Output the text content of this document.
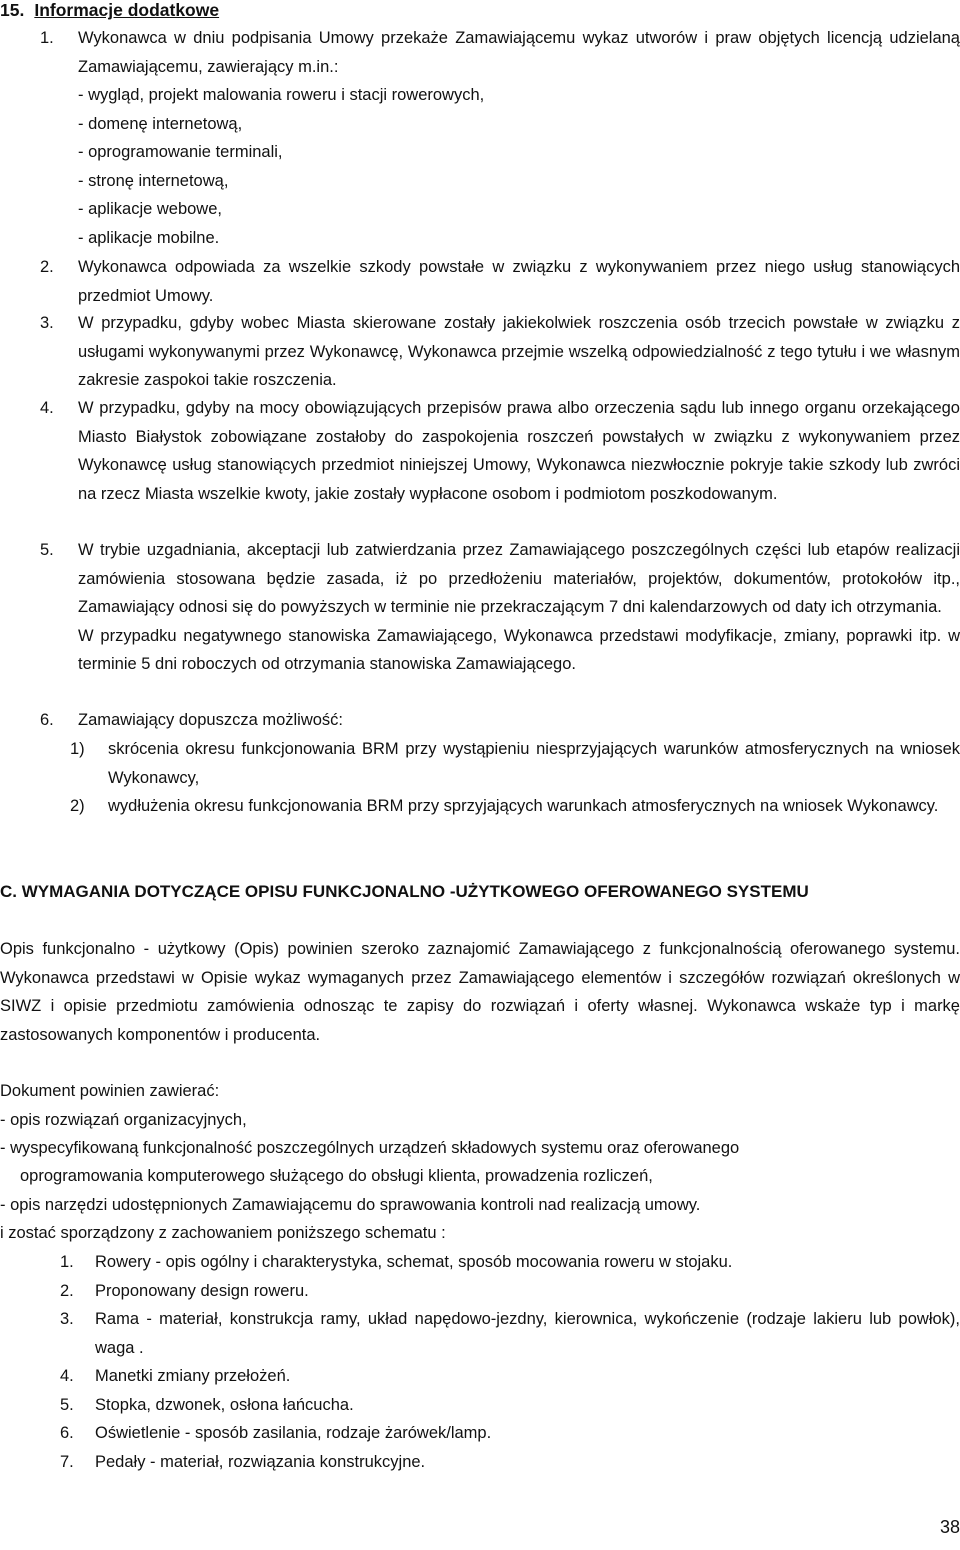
15. Informacje dodatkowe
1. Wykonawca w dniu podpisania Umowy przekaże Zamawiającemu wykaz utworów i praw objętych licencją udzielaną Zamawiającemu, zawierający m.in.:

- wygląd, projekt malowania roweru i stacji rowerowych,
- domenę internetową,
- oprogramowanie terminali,
- stronę internetową,
- aplikacje webowe,
- aplikacje mobilne.
2. Wykonawca odpowiada za wszelkie szkody powstałe w związku z wykonywaniem przez niego usług stanowiących przedmiot Umowy.

3. W przypadku, gdyby wobec Miasta skierowane zostały jakiekolwiek roszczenia osób trzecich powstałe w związku z usługami wykonywanymi przez Wykonawcę, Wykonawca przejmie wszelką odpowiedzialność z tego tytułu i we własnym zakresie zaspokoi takie roszczenia.

4. W przypadku, gdyby na mocy obowiązujących przepisów prawa albo orzeczenia sądu lub innego organu orzekającego Miasto Białystok zobowiązane zostałoby do zaspokojenia roszczeń powstałych w związku z wykonywaniem przez Wykonawcę usług stanowiących przedmiot niniejszej Umowy, Wykonawca niezwłocznie pokryje takie szkody lub zwróci na rzecz Miasta wszelkie kwoty, jakie zostały wypłacone osobom i podmiotom poszkodowanym.

5. W trybie uzgadniania, akceptacji lub zatwierdzania przez Zamawiającego poszczególnych części lub etapów realizacji zamówienia stosowana będzie zasada, iż po przedłożeniu materiałów, projektów, dokumentów, protokołów itp., Zamawiający odnosi się do powyższych w terminie nie przekraczającym 7 dni kalendarzowych od daty ich otrzymania.

W przypadku negatywnego stanowiska Zamawiającego, Wykonawca przedstawi modyfikacje, zmiany, poprawki itp. w terminie 5 dni roboczych od otrzymania stanowiska Zamawiającego.

6. Zamawiający dopuszcza możliwość:

1) skrócenia okresu funkcjonowania BRM przy wystąpieniu niesprzyjających warunków atmosferycznych na wniosek Wykonawcy,
2) wydłużenia okresu funkcjonowania BRM przy sprzyjających warunkach atmosferycznych na wniosek Wykonawcy.
C. WYMAGANIA DOTYCZĄCE OPISU FUNKCJONALNO -UŻYTKOWEGO OFEROWANEGO SYSTEMU
Opis funkcjonalno - użytkowy (Opis) powinien szeroko zaznajomić Zamawiającego z funkcjonalnością oferowanego systemu. Wykonawca przedstawi w Opisie wykaz wymaganych przez Zamawiającego elementów i szczegółów rozwiązań określonych w SIWZ i opisie przedmiotu zamówienia odnosząc te zapisy do rozwiązań i oferty własnej. Wykonawca wskaże typ i markę zastosowanych komponentów i producenta.
Dokument powinien zawierać:
- opis rozwiązań organizacyjnych,
- wyspecyfikowaną funkcjonalność poszczególnych urządzeń składowych systemu oraz oferowanego
oprogramowania komputerowego służącego do obsługi klienta, prowadzenia rozliczeń,
- opis narzędzi udostępnionych Zamawiającemu do sprawowania kontroli nad realizacją umowy.
i zostać sporządzony z zachowaniem poniższego schematu :
1. Rowery - opis ogólny i charakterystyka, schemat, sposób mocowania roweru w stojaku.
2. Proponowany design roweru.
3. Rama - materiał, konstrukcja ramy, układ napędowo-jezdny, kierownica, wykończenie (rodzaje lakieru lub powłok), waga .
4. Manetki zmiany przełożeń.
5. Stopka, dzwonek, osłona łańcucha.
6. Oświetlenie - sposób zasilania, rodzaje żarówek/lamp.
7. Pedały - materiał, rozwiązania konstrukcyjne.
38
